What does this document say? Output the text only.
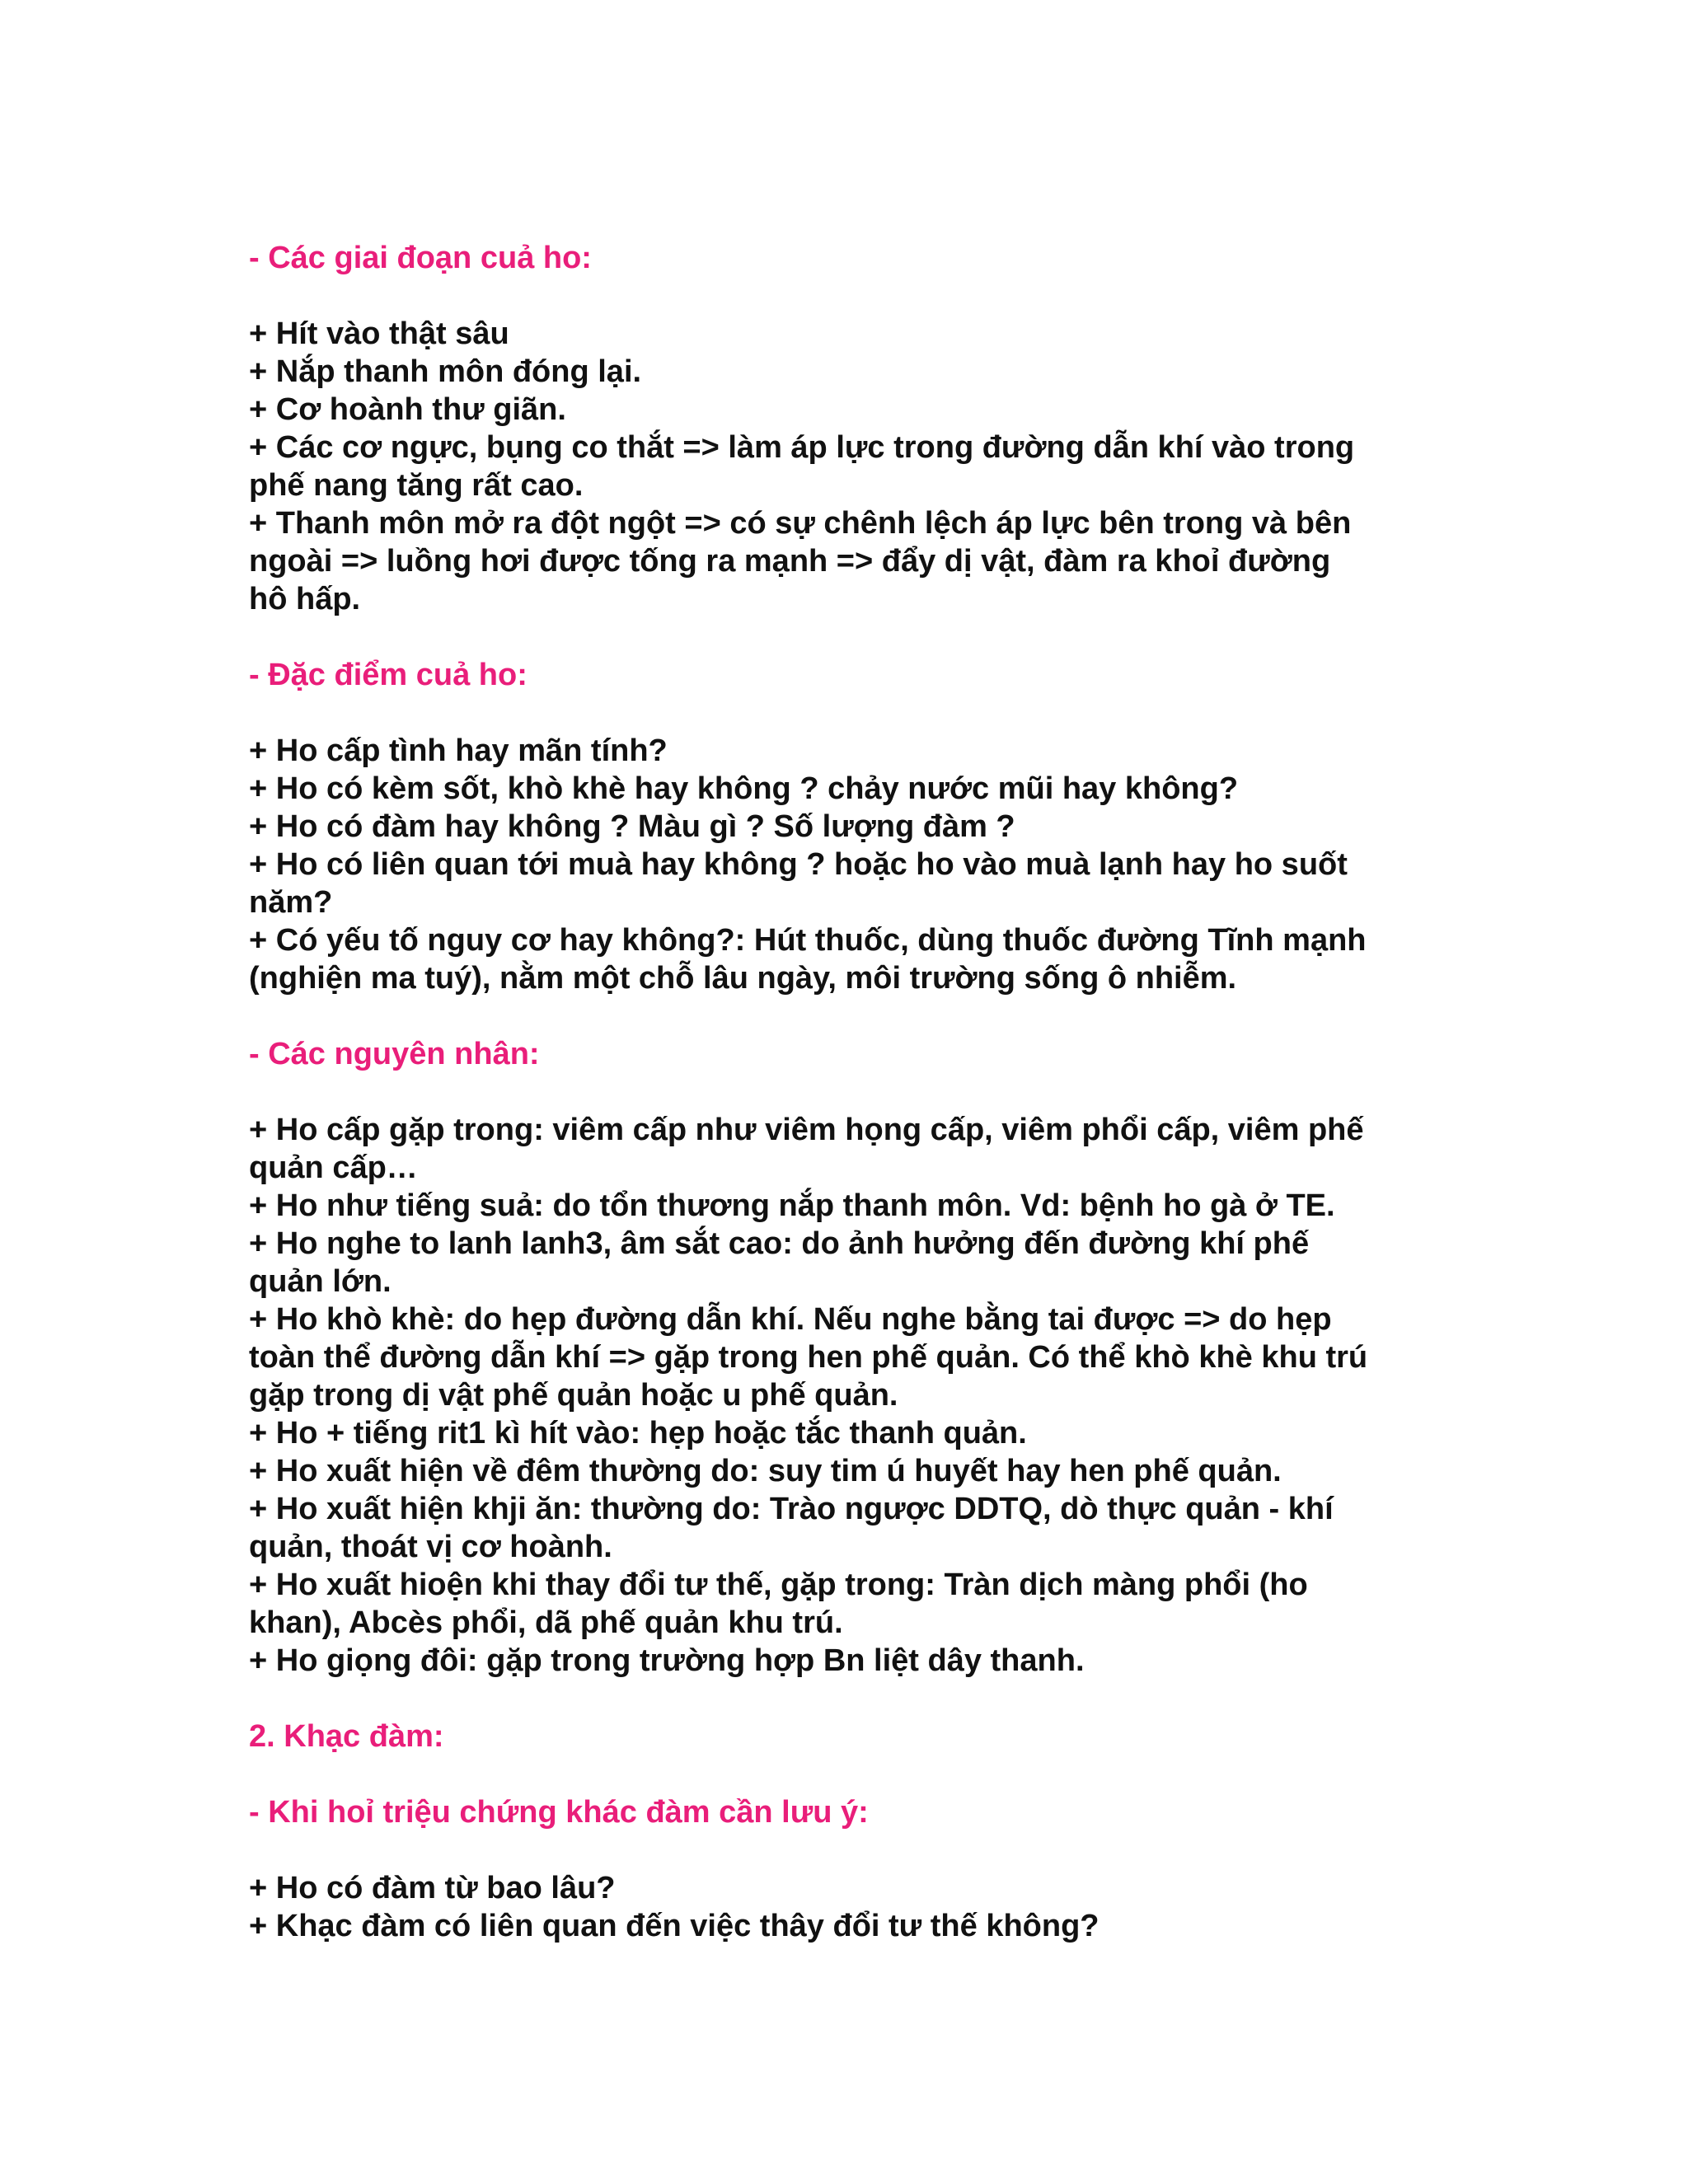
- Các giai đoạn cuả ho:

+ Hít vào thật sâu
+ Nắp thanh môn đóng lại.
+ Cơ hoành thư giãn.
+ Các cơ ngực, bụng co thắt => làm áp lực trong đường dẫn khí vào trong
phế nang tăng rất cao.
+ Thanh môn mở ra đột ngột => có sự chênh lệch áp lực bên trong và bên
ngoài => luồng hơi được tống ra mạnh => đẩy dị vật, đàm ra khoỉ đường
hô hấp.

- Đặc điểm cuả ho:

+ Ho cấp tình hay mãn tính?
+ Ho có kèm sốt, khò khè hay không ? chảy nước mũi hay không?
+ Ho có đàm hay không ? Màu gì ? Số lượng đàm ?
+ Ho có liên quan tới muà hay không ? hoặc ho vào muà lạnh hay ho suốt
năm?
+ Có yếu tố nguy cơ hay không?: Hút thuốc, dùng thuốc đường Tĩnh mạnh
(nghiện ma tuý), nằm một chỗ lâu ngày, môi trường sống ô nhiễm.

- Các nguyên nhân:

+ Ho cấp gặp trong: viêm cấp như viêm họng cấp, viêm phổi cấp, viêm phế
quản cấp…
+ Ho như tiếng suả: do tổn thương nắp thanh môn. Vd: bệnh ho gà ở TE.
+ Ho nghe to lanh lanh3, âm sắt cao: do ảnh hưởng đến đường khí phế
quản lớn.
+ Ho khò khè: do hẹp đường dẫn khí. Nếu nghe bằng tai được => do hẹp
toàn thể đường dẫn khí => gặp trong hen phế quản. Có thể khò khè khu trú
gặp trong dị vật phế quản hoặc u phế quản.
+ Ho + tiếng rit1 kì hít vào: hẹp hoặc tắc thanh quản.
+ Ho xuất hiện về đêm thường do: suy tim ú huyết hay hen phế quản.
+ Ho xuất hiện khji ăn: thường do: Trào ngược DDTQ, dò thực quản - khí
quản, thoát vị cơ hoành.
+ Ho xuất hioện khi thay đổi tư thế, gặp trong: Tràn dịch màng phổi (ho
khan), Abcès phổi, dã phế quản khu trú.
+ Ho giọng đôi: gặp trong trường hợp Bn liệt dây thanh.

2. Khạc đàm:

- Khi hoỉ triệu chứng khác đàm cần lưu ý:

+ Ho có đàm từ bao lâu?
+ Khạc đàm có liên quan đến việc thây đổi tư thế không?
